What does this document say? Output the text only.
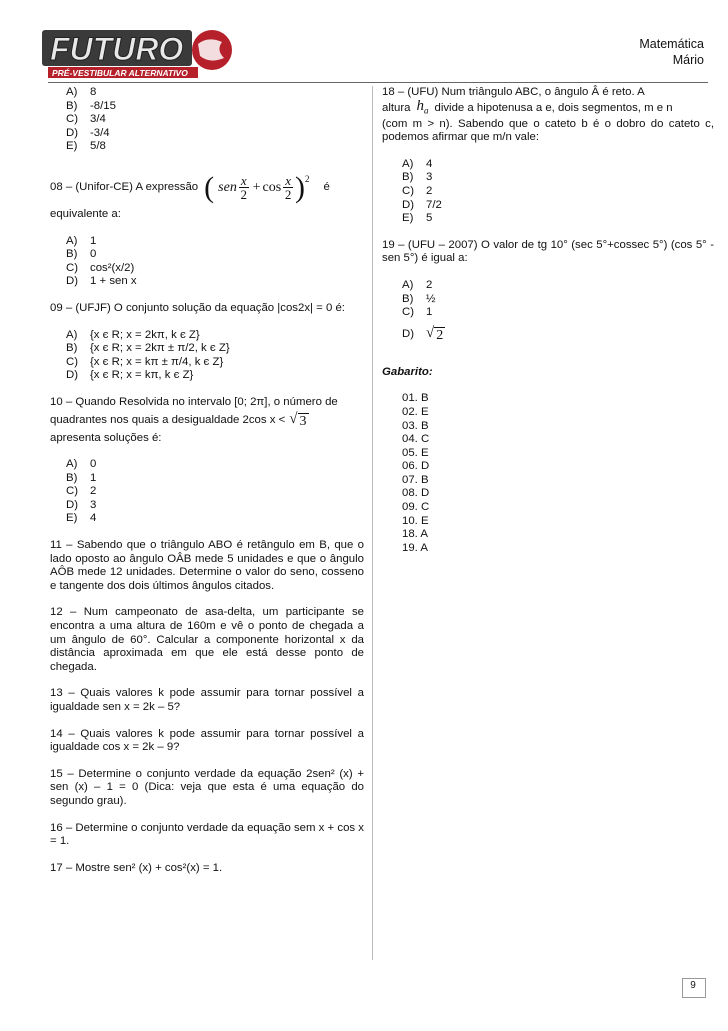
FUTURO
PRÉ-VESTIBULAR ALTERNATIVO
Matemática
Mário
A)	8
B)	-8/15
C)	3/4
D)	-3/4
E)	5/8
08 – (Unifor-CE) A expressão ( sen x
2 + cos x
2 )$^2$
é

equivalente a:

A)	1
B)	0
C)	cos²(x/2)
D)	1 + sen x

09 – (UFJF) O conjunto solução da equação |cos2x| = 0 é:

A)	{x є R; x = 2kπ, k є Z}
B)	{x є R; x = 2kπ ± π/2, k є Z}
C)	{x є R; x = kπ ± π/4, k є Z}
D)	{x є R; x = kπ, k є Z}

10 – Quando Resolvida no intervalo [0; 2π], o número de

quadrantes nos quais a desigualdade 2cos x < √ 3

apresenta soluções é:

A)	0
B)	1
C)	2
D)	3
E)	4

11 – Sabendo que o triângulo ABO é retângulo em B, que o lado oposto ao ângulo OÂB mede 5 unidades e que o ângulo AÔB mede 12 unidades. Determine o valor do seno, cosseno e tangente dos dois últimos ângulos citados.

12 – Num campeonato de asa-delta, um participante se encontra a uma altura de 160m e vê o ponto de chegada a um ângulo de 60°. Calcular a componente horizontal x da distância aproximada em que ele está desse ponto de chegada.

13 – Quais valores k pode assumir para tornar possível a igualdade sen x = 2k – 5?

14 – Quais valores k pode assumir para tornar possível a igualdade cos x = 2k – 9?

15 – Determine o conjunto verdade da equação 2sen² (x) + sen (x) – 1 = 0 (Dica: veja que esta é uma equação do segundo grau).

16 – Determine o conjunto verdade da equação sem x + cos x = 1.

17 – Mostre sen² (x) + cos²(x) = 1.

18 – (UFU) Num triângulo ABC, o ângulo Â é reto. A

altura $h_a$ divide a hipotenusa a e, dois segmentos, m e n

(com m > n). Sabendo que o cateto b é o dobro do cateto c, podemos afirmar que m/n vale:

A)	4
B)	3
C)	2
D)	7/2
E)	5

19 – (UFU – 2007) O valor de tg 10° (sec 5°+cossec 5°) (cos 5° - sen 5°) é igual a:

A)	2
B)	½
C)	1
D) √ 2

Gabarito:

01. B
02. E
03. B
04. C
05. E
06. D
07. B
08. D
09. C
10. E
18. A
19. A
9
